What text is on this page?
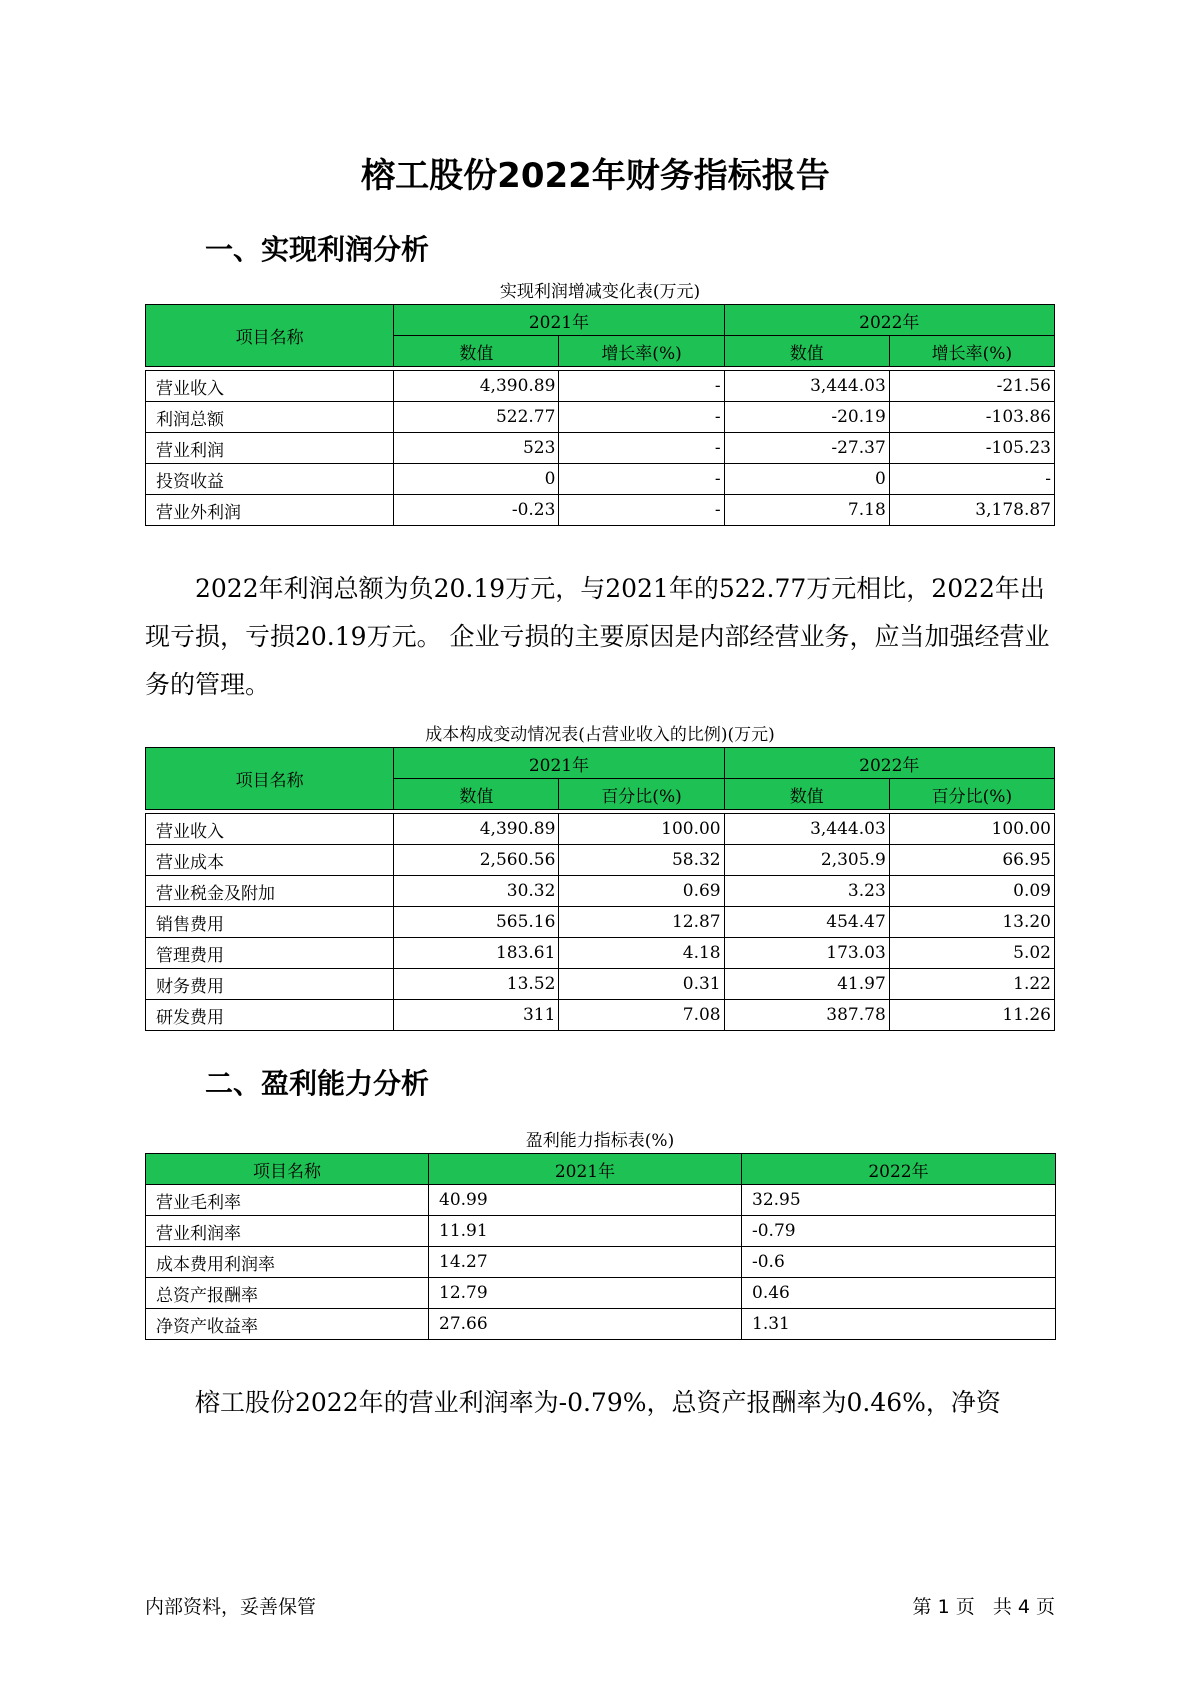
榕工股份2022年财务指标报告
一、实现利润分析
实现利润增减变化表(万元)
项目名称	2021年		2022年	
	数值	增长率(%)	数值	增长率(%)

营业收入	4,390.89	-	3,444.03	-21.56
利润总额	522.77	-	-20.19	-103.86
营业利润	523	-	-27.37	-105.23
投资收益	0	-	0	-
营业外利润	-0.23	-	7.18	3,178.87

2022年利润总额为负20.19万元，与2021年的522.77万元相比，2022年出现亏损，亏损20.19万元。 企业亏损的主要原因是内部经营业务，应当加强经营业务的管理。

成本构成变动情况表(占营业收入的比例)(万元)
项目名称	2021年		2022年	
	数值	百分比(%)	数值	百分比(%)

营业收入	4,390.89	100.00	3,444.03	100.00
营业成本	2,560.56	58.32	2,305.9	66.95
营业税金及附加	30.32	0.69	3.23	0.09
销售费用	565.16	12.87	454.47	13.20
管理费用	183.61	4.18	173.03	5.02
财务费用	13.52	0.31	41.97	1.22
研发费用	311	7.08	387.78	11.26
二、盈利能力分析
盈利能力指标表(%)
项目名称	2021年	2022年
营业毛利率	40.99	32.95
营业利润率	11.91	-0.79
成本费用利润率	14.27	-0.6
总资产报酬率	12.79	0.46
净资产收益率	27.66	1.31

榕工股份2022年的营业利润率为-0.79%，总资产报酬率为0.46%，净资

内部资料，妥善保管	第 1 页   共 4 页
